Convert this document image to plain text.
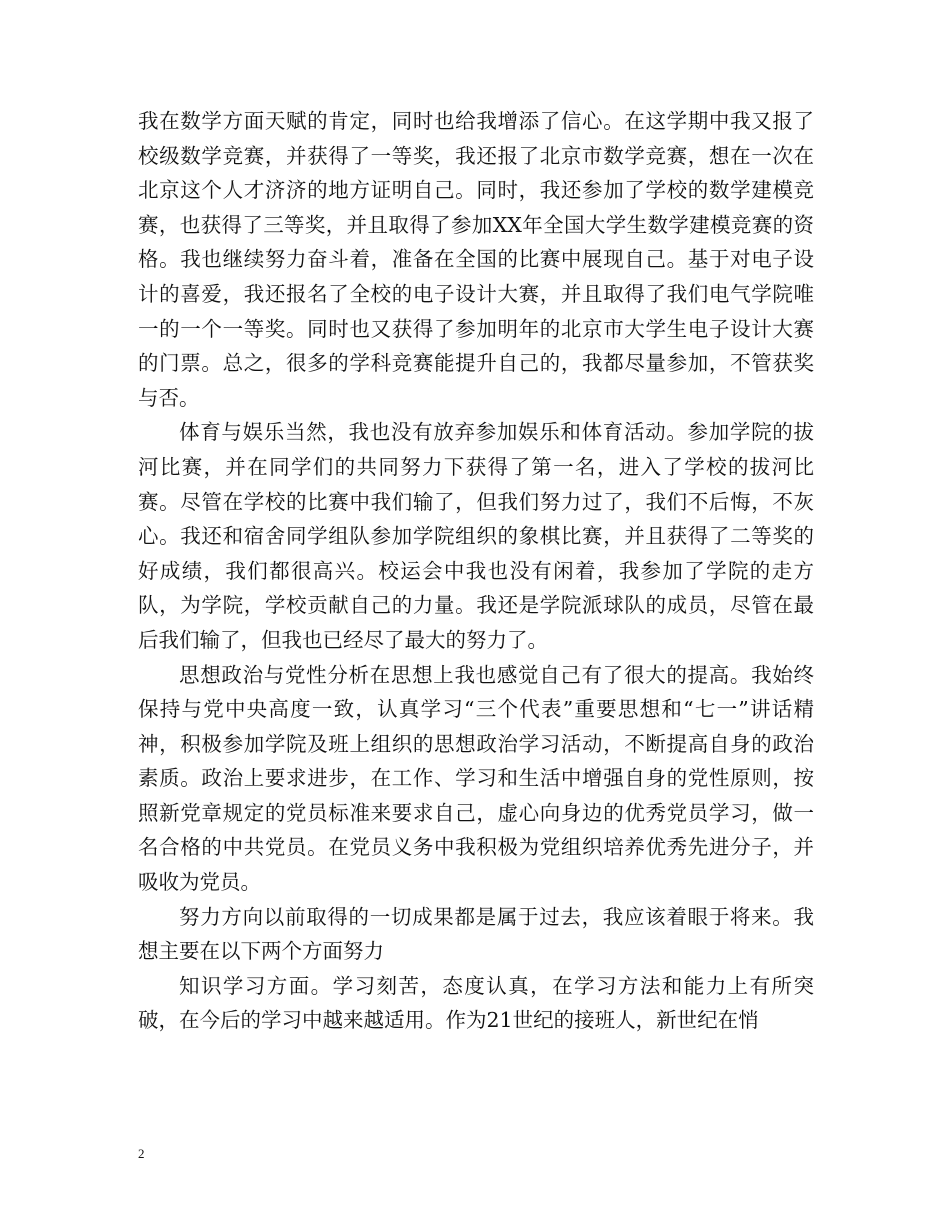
我在数学方面天赋的肯定，同时也给我增添了信心。在这学期中我又报了校级数学竞赛，并获得了一等奖，我还报了北京市数学竞赛，想在一次在北京这个人才济济的地方证明自己。同时，我还参加了学校的数学建模竞赛，也获得了三等奖，并且取得了参加XX年全国大学生数学建模竞赛的资格。我也继续努力奋斗着，准备在全国的比赛中展现自己。基于对电子设计的喜爱，我还报名了全校的电子设计大赛，并且取得了我们电气学院唯一的一个一等奖。同时也又获得了参加明年的北京市大学生电子设计大赛的门票。总之，很多的学科竞赛能提升自己的，我都尽量参加，不管获奖与否。

体育与娱乐当然，我也没有放弃参加娱乐和体育活动。参加学院的拔河比赛，并在同学们的共同努力下获得了第一名，进入了学校的拔河比赛。尽管在学校的比赛中我们输了，但我们努力过了，我们不后悔，不灰心。我还和宿舍同学组队参加学院组织的象棋比赛，并且获得了二等奖的好成绩，我们都很高兴。校运会中我也没有闲着，我参加了学院的走方队，为学院，学校贡献自己的力量。我还是学院派球队的成员，尽管在最后我们输了，但我也已经尽了最大的努力了。

思想政治与党性分析在思想上我也感觉自己有了很大的提高。我始终保持与党中央高度一致，认真学习“三个代表”重要思想和“七一”讲话精神，积极参加学院及班上组织的思想政治学习活动，不断提高自身的政治素质。政治上要求进步，在工作、学习和生活中增强自身的党性原则，按照新党章规定的党员标准来要求自己，虚心向身边的优秀党员学习，做一名合格的中共党员。在党员义务中我积极为党组织培养优秀先进分子，并吸收为党员。

努力方向以前取得的一切成果都是属于过去，我应该着眼于将来。我想主要在以下两个方面努力

知识学习方面。学习刻苦，态度认真，在学习方法和能力上有所突破，在今后的学习中越来越适用。作为21世纪的接班人，新世纪在悄

2
